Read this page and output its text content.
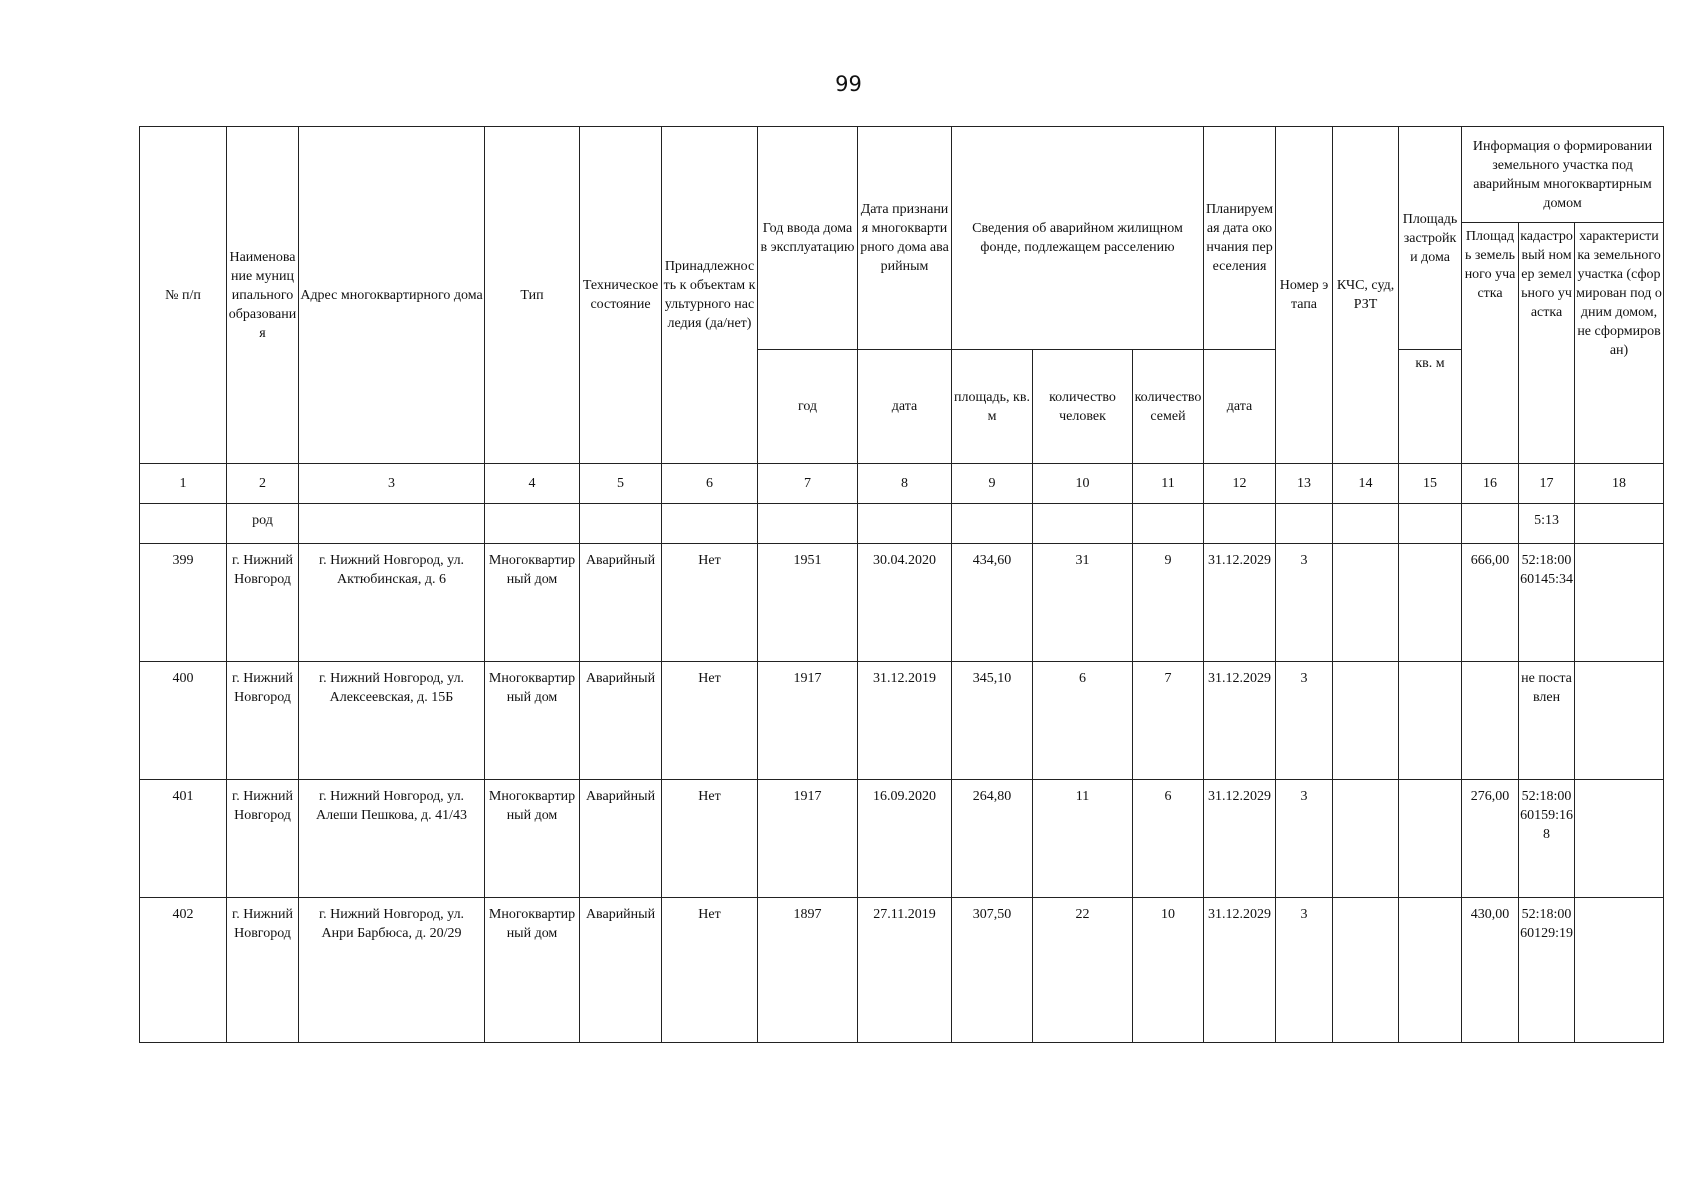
99
№ п/п	Наименование муниципального образования	Адрес многоквартирного дома	Тип	Техническое состояние	Принадлежность к объектам культурного наследия (да/нет)	Год ввода дома в эксплуатацию	Дата признания многоквартирного дома аварийным	Сведения об аварийном жилищном фонде, подлежащем расселению			Планируемая дата окончания переселения	Номер этапа	КЧС, суд, РЗТ	Площадь застройки дома	Информация о формировании земельного участка под аварийным многоквартирным домом		
															Площадь земельного участка	кадастровый номер земельного участка	характеристика земельного участка (сформирован под одним домом, не сформирован)
						год	дата	площадь, кв.м	количество человек	количество семей	дата			кв. м			
1	2	3	4	5	6	7	8	9	10	11	12	13	14	15	16	17	18
	род															5:13	
399	г. Нижний Новгород	г. Нижний Новгород, ул. Актюбинская, д. 6	Многоквартирный дом	Аварийный	Нет	1951	30.04.2020	434,60	31	9	31.12.2029	3			666,00	52:18:0060145:34	
400	г. Нижний Новгород	г. Нижний Новгород, ул. Алексеевская, д. 15Б	Многоквартирный дом	Аварийный	Нет	1917	31.12.2019	345,10	6	7	31.12.2029	3				не поставлен	
401	г. Нижний Новгород	г. Нижний Новгород, ул. Алеши Пешкова, д. 41/43	Многоквартирный дом	Аварийный	Нет	1917	16.09.2020	264,80	11	6	31.12.2029	3			276,00	52:18:0060159:168	
402	г. Нижний Новгород	г. Нижний Новгород, ул. Анри Барбюса, д. 20/29	Многоквартирный дом	Аварийный	Нет	1897	27.11.2019	307,50	22	10	31.12.2029	3			430,00	52:18:0060129:19	
